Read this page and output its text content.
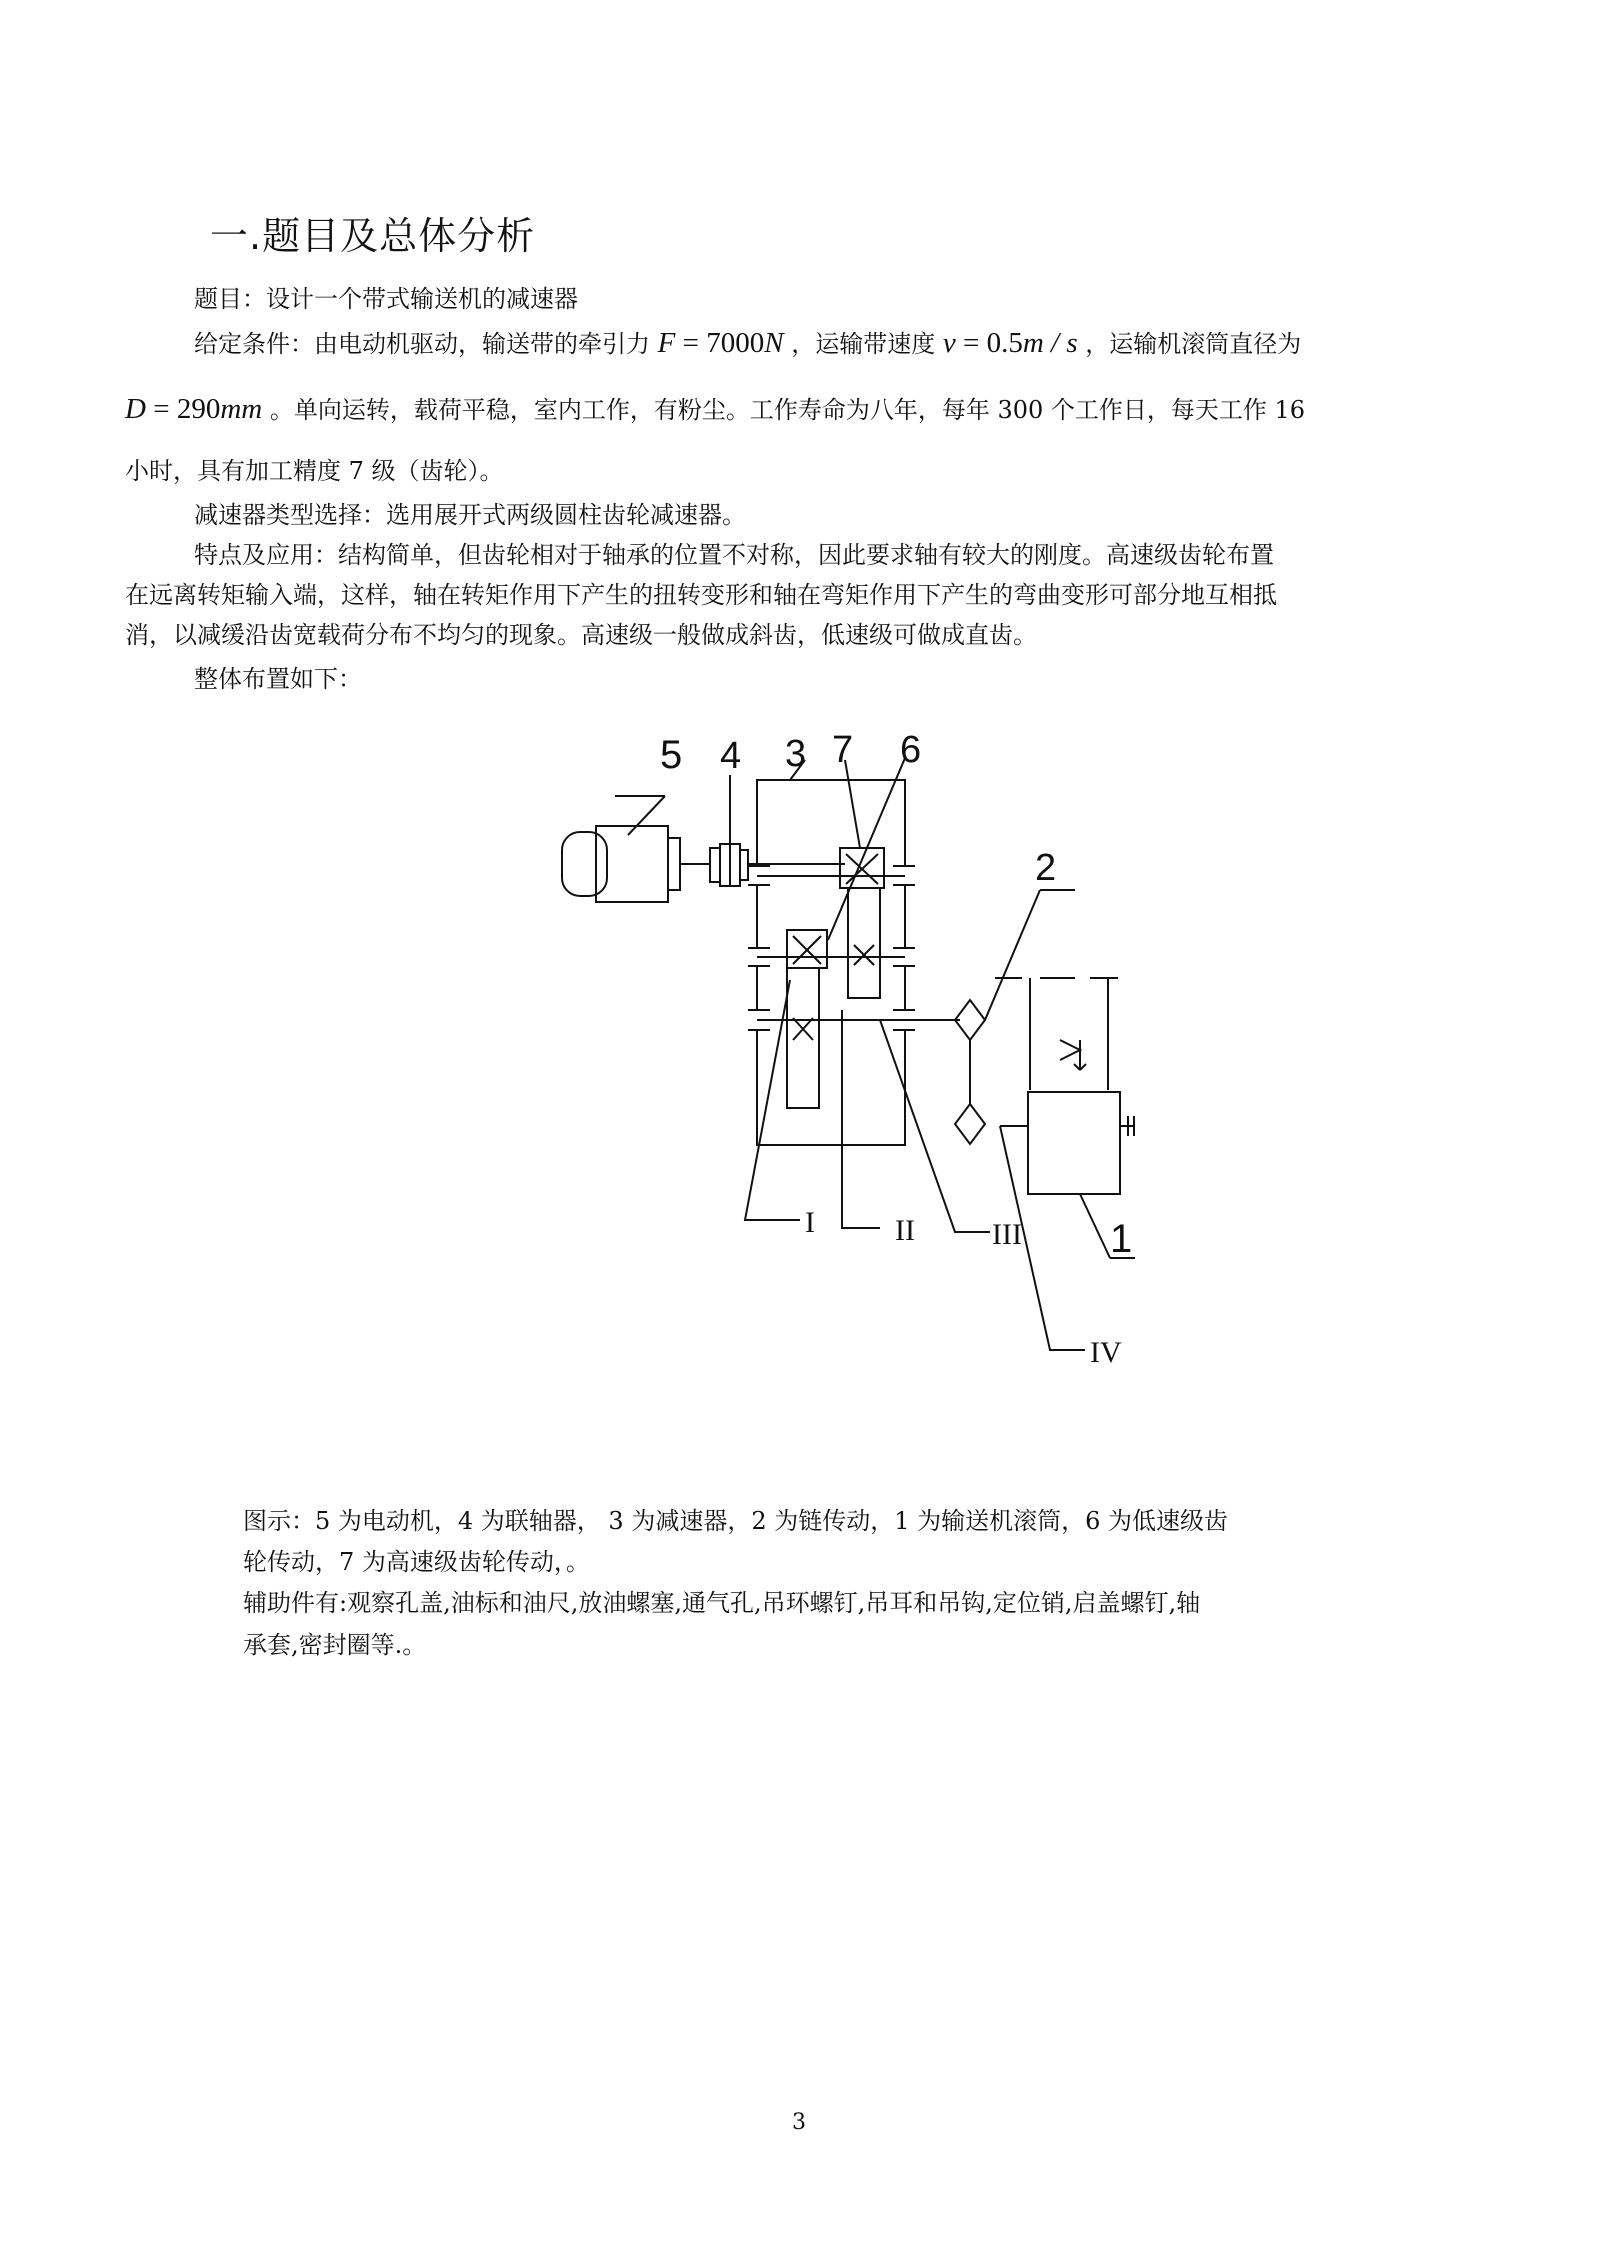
一.题目及总体分析
题目：设计一个带式输送机的减速器
给定条件：由电动机驱动，输送带的牵引力 F = 7000N ，运输带速度 v = 0.5m / s ，运输机滚筒直径为
D = 290mm 。单向运转，载荷平稳，室内工作，有粉尘。工作寿命为八年，每年 300 个工作日，每天工作 16
小时，具有加工精度 7 级（齿轮）。
减速器类型选择：选用展开式两级圆柱齿轮减速器。
特点及应用：结构简单，但齿轮相对于轴承的位置不对称，因此要求轴有较大的刚度。高速级齿轮布置
在远离转矩输入端，这样，轴在转矩作用下产生的扭转变形和轴在弯矩作用下产生的弯曲变形可部分地互相抵
消，以减缓沿齿宽载荷分布不均匀的现象。高速级一般做成斜齿，低速级可做成直齿。
整体布置如下：
5 4 3 7 6
2
1
I	II	III
IV
图示：5 为电动机，4 为联轴器， 3 为减速器，2 为链传动，1 为输送机滚筒，6 为低速级齿
轮传动，7 为高速级齿轮传动，。
辅助件有:观察孔盖,油标和油尺,放油螺塞,通气孔,吊环螺钉,吊耳和吊钩,定位销,启盖螺钉,轴
承套,密封圈等.。
3
